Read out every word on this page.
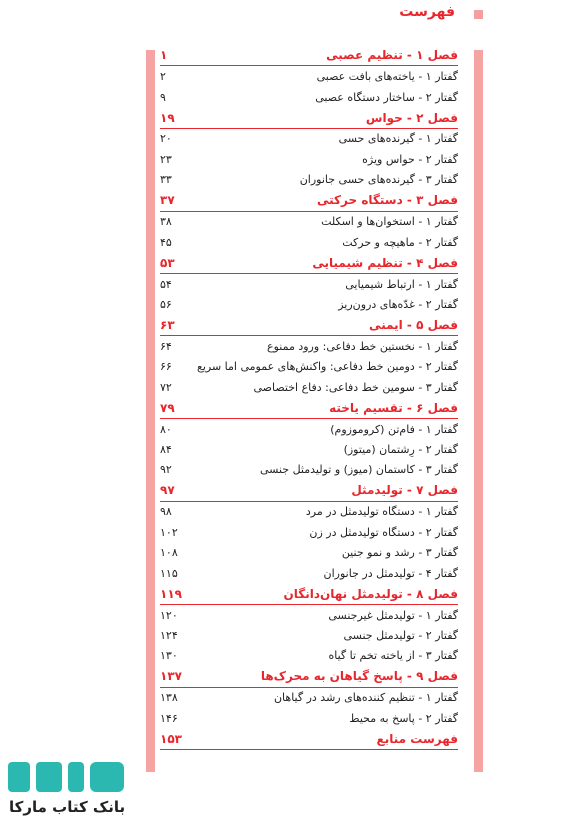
فهرست
فصل ۱ - تنظیم عصبی
۱
گفتار ۱ - یاخته‌های بافت عصبی
۲
گفتار ۲ - ساختار دستگاه عصبی
۹
فصل ۲ - حواس
۱۹
گفتار ۱ - گیرنده‌های حسی
۲۰
گفتار ۲ - حواس ویژه
۲۳
گفتار ۳ - گیرنده‌های حسی جانوران
۳۳
فصل ۳ - دستگاه حرکتی
۳۷
گفتار ۱ - استخوان‌ها و اسکلت
۳۸
گفتار ۲ - ماهیچه و حرکت
۴۵
فصل ۴ - تنظیم شیمیایی
۵۳
گفتار ۱ - ارتباط شیمیایی
۵۴
گفتار ۲ - غدّه‌های درون‌ریز
۵۶
فصل ۵ - ایمنی
۶۳
گفتار ۱ - نخستین خط دفاعی: ورود ممنوع
۶۴
گفتار ۲ - دومین خط دفاعی: واکنش‌های عمومی اما سریع
۶۶
گفتار ۳ - سومین خط دفاعی: دفاع اختصاصی
۷۲
فصل ۶ - تقسیم یاخته
۷۹
گفتار ۱ - فام‌تن (کروموزوم)
۸۰
گفتار ۲ - رِشتمان (میتوز)
۸۴
گفتار ۳ - کاستمان (میوز) و تولیدمثل جنسی
۹۲
فصل ۷ - تولیدمثل
۹۷
گفتار ۱ - دستگاه تولیدمثل در مرد
۹۸
گفتار ۲ - دستگاه تولیدمثل در زن
۱۰۲
گفتار ۳ - رشد و نمو جنین
۱۰۸
گفتار ۴ - تولیدمثل در جانوران
۱۱۵
فصل ۸ - تولیدمثل نهان‌دانگان
۱۱۹
گفتار ۱ - تولیدمثل غیرجنسی
۱۲۰
گفتار ۲ - تولیدمثل جنسی
۱۲۴
گفتار ۳ - از یاخته تخم تا گیاه
۱۳۰
فصل ۹ - پاسخ گیاهان به محرک‌ها
۱۳۷
گفتار ۱ - تنظیم کننده‌های رشد در گیاهان
۱۳۸
گفتار ۲ - پاسخ به محیط
۱۴۶
فهرست منابع
۱۵۳
بانک کتاب مارکا
